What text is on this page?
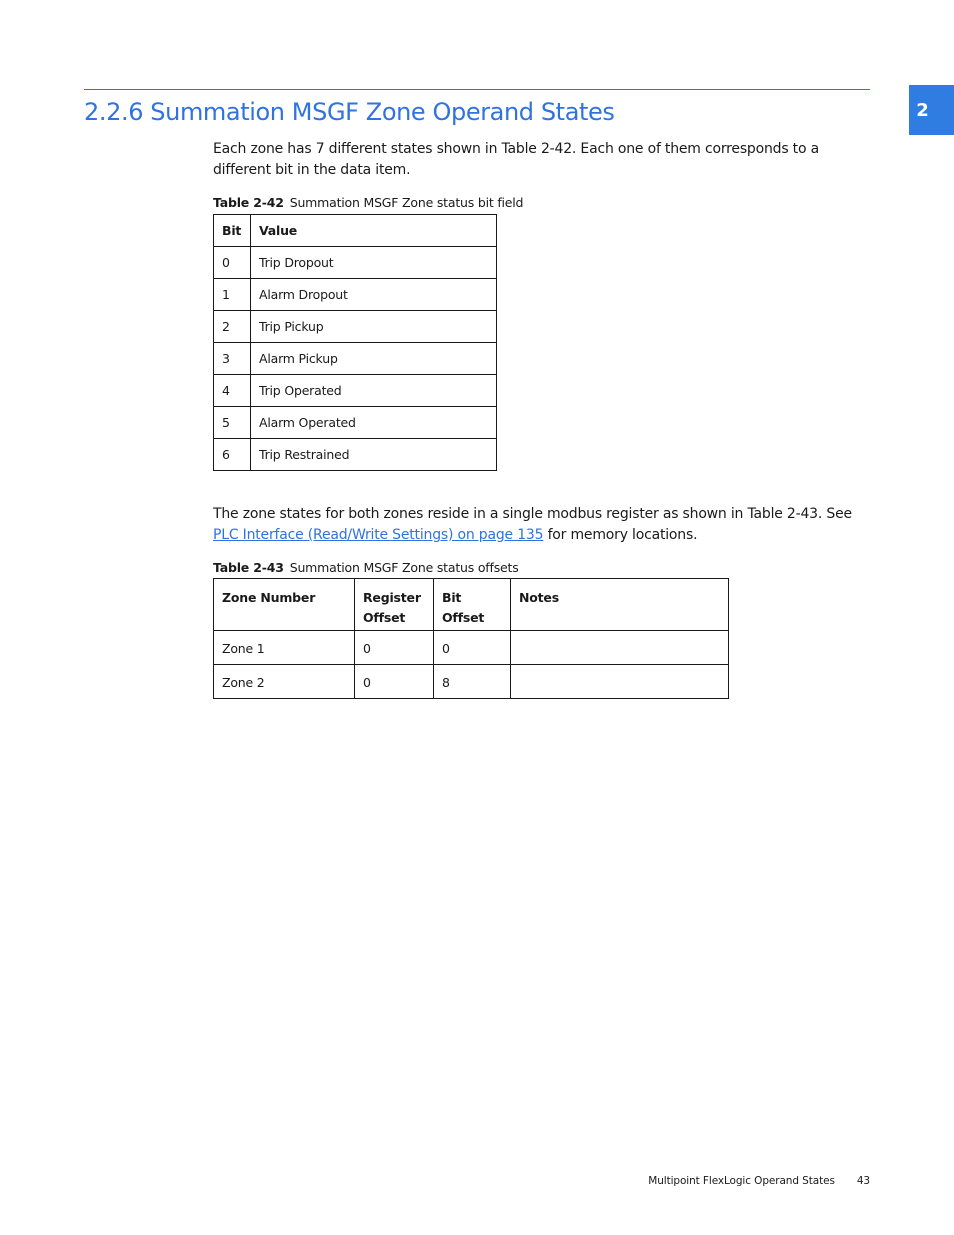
2
2.2.6 Summation MSGF Zone Operand States

Each zone has 7 different states shown in Table 2-42. Each one of them corresponds to a different bit in the data item.

Table 2-42 Summation MSGF Zone status bit field
Bit	Value
0	Trip Dropout
1	Alarm Dropout
2	Trip Pickup
3	Alarm Pickup
4	Trip Operated
5	Alarm Operated
6	Trip Restrained

The zone states for both zones reside in a single modbus register as shown in Table 2-43. See PLC Interface (Read/Write Settings) on page 135 for memory locations.

Table 2-43 Summation MSGF Zone status offsets
Zone Number	Register Offset	Bit Offset	Notes
Zone 1	0	0	
Zone 2	0	8	
Multipoint FlexLogic Operand States 43
